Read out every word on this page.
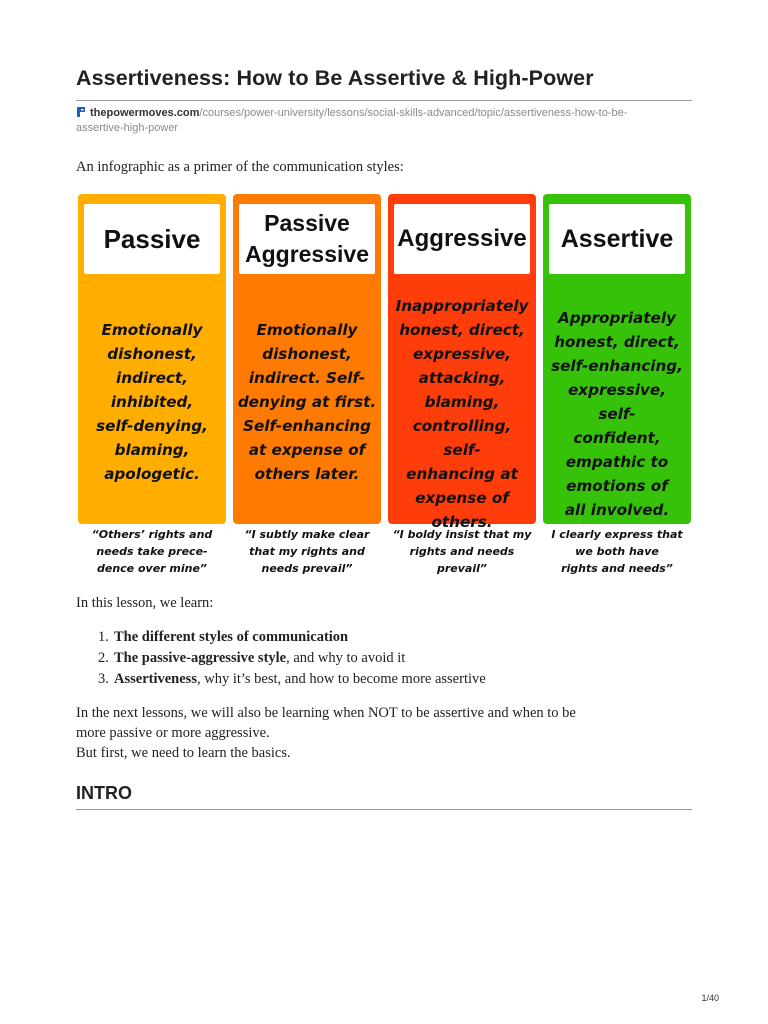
Assertiveness: How to Be Assertive & High-Power
thepowermoves.com/courses/power-university/lessons/social-skills-advanced/topic/assertiveness-how-to-be-
assertive-high-power
An infographic as a primer of the communication styles:
Passive
Emotionally
dishonest,
indirect,
inhibited,
self-denying,
blaming,
apologetic.
Passive
Aggressive
Emotionally
dishonest,
indirect. Self-
denying at first.
Self-enhancing
at expense of
others later.
Aggressive
Inappropriately
honest, direct,
expressive,
attacking,
blaming,
controlling, self-
enhancing at
expense of
others.
Assertive
Appropriately
honest, direct,
self-enhancing,
expressive, self-
confident,
empathic to
emotions of
all involved.
“Others’ rights and
needs take prece-
dence over mine”
“I subtly make clear
that my rights and
needs prevail”
“I boldy insist that my
rights and needs
prevail”
I clearly express that
we both have
rights and needs”
In this lesson, we learn:
1. The different styles of communication
2. The passive-aggressive style, and why to avoid it
3. Assertiveness, why it’s best, and how to become more assertive
In the next lessons, we will also be learning when NOT to be assertive and when to be
more passive or more aggressive.
But first, we need to learn the basics.
INTRO
1/40
